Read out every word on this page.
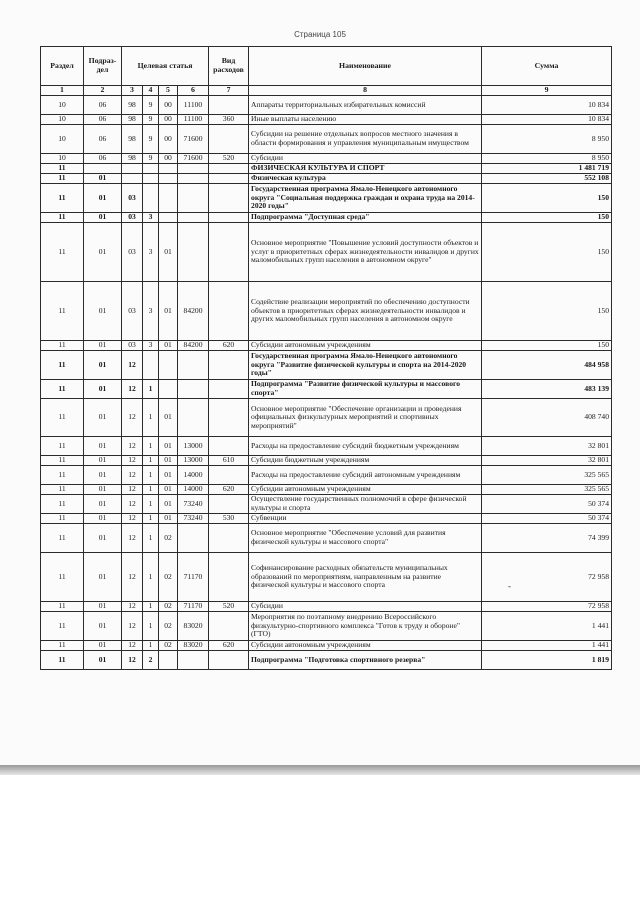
Страница 105
Раздел	Подраз-дел	Целевая статья				Вид расходов	Наименование	Сумма
1	2	3	4	5	6	7	8	9
10	06	98	9	00	11100		Аппараты территориальных избирательных комиссий	10 834
10	06	98	9	00	11100	360	Иные выплаты населению	10 834
10	06	98	9	00	71600		Субсидии на решение отдельных вопросов местного значения в области формирования и управления муниципальным имуществом	8 950
10	06	98	9	00	71600	520	Субсидии	8 950
11							ФИЗИЧЕСКАЯ КУЛЬТУРА И СПОРТ	1 481 719
11	01						Физическая культура	552 108
11	01	03					Государственная программа Ямало-Ненецкого автономного округа "Социальная поддержка граждан и охрана труда на 2014-2020 годы"	150
11	01	03	3				Подпрограмма "Доступная среда"	150
11	01	03	3	01			Основное мероприятие "Повышение условий доступности объектов и услуг в приоритетных сферах жизнедеятельности инвалидов и других маломобильных групп населения в автономном округе"	150
11	01	03	3	01	84200		Содействие реализации мероприятий по обеспечению доступности объектов в приоритетных сферах жизнедеятельности инвалидов и других маломобильных групп населения в автономном округе	150
11	01	03	3	01	84200	620	Субсидии автономным учреждениям	150
11	01	12					Государственная программа Ямало-Ненецкого автономного округа "Развитие физической культуры и спорта на 2014-2020 годы"	484 958
11	01	12	1				Подпрограмма "Развитие физической культуры и массового спорта"	483 139
11	01	12	1	01			Основное мероприятие "Обеспечение организации и проведения официальных физкультурных мероприятий и спортивных мероприятий"	408 740
11	01	12	1	01	13000		Расходы на предоставление субсидий бюджетным учреждениям	32 801
11	01	12	1	01	13000	610	Субсидии бюджетным учреждениям	32 801
11	01	12	1	01	14000		Расходы на предоставление субсидий автономным учреждениям	325 565
11	01	12	1	01	14000	620	Субсидии автономным учреждениям	325 565
11	01	12	1	01	73240		Осуществление государственных полномочий в сфере физической культуры и спорта	50 374
11	01	12	1	01	73240	530	Субвенции	50 374
11	01	12	1	02			Основное мероприятие "Обеспечение условий для развития физической культуры и массового спорта"	74 399
11	01	12	1	02	71170		Софинансирование расходных обязательств муниципальных образований по мероприятиям, направленным на развитие физической культуры и массового спорта	72 958
11	01	12	1	02	71170	520	Субсидии	72 958
11	01	12	1	02	83020		Мероприятия по поэтапному внедрению Всероссийского физкультурно-спортивного комплекса "Готов к труду и обороне" (ГТО)	1 441
11	01	12	1	02	83020	620	Субсидии автономным учреждениям	1 441
11	01	12	2				Подпрограмма "Подготовка спортивного резерва"	1 819
-
